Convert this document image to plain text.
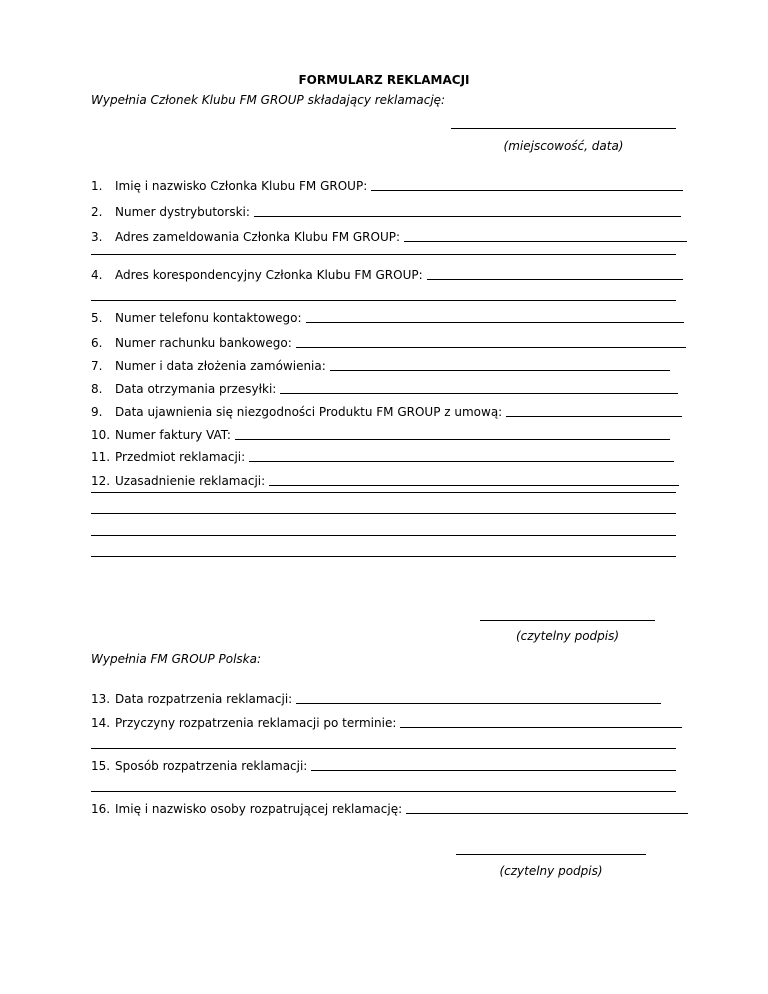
FORMULARZ REKLAMACJI
Wypełnia Członek Klubu FM GROUP składający reklamację:
(miejscowość, data)
1.	Imię i nazwisko Członka Klubu FM GROUP:
2.	Numer dystrybutorski:
3.	Adres zameldowania Członka Klubu FM GROUP:
4.	Adres korespondencyjny Członka Klubu FM GROUP:
5.	Numer telefonu kontaktowego:
6.	Numer rachunku bankowego:
7.	Numer i data złożenia zamówienia:
8.	Data otrzymania przesyłki:
9.	Data ujawnienia się niezgodności Produktu FM GROUP z umową:
10. Numer faktury VAT:
11. Przedmiot reklamacji:
12. Uzasadnienie reklamacji:
(czytelny podpis)
Wypełnia FM GROUP Polska:
13. Data rozpatrzenia reklamacji:
14. Przyczyny rozpatrzenia reklamacji po terminie:
15. Sposób rozpatrzenia reklamacji:
16. Imię i nazwisko osoby rozpatrującej reklamację:
(czytelny podpis)
